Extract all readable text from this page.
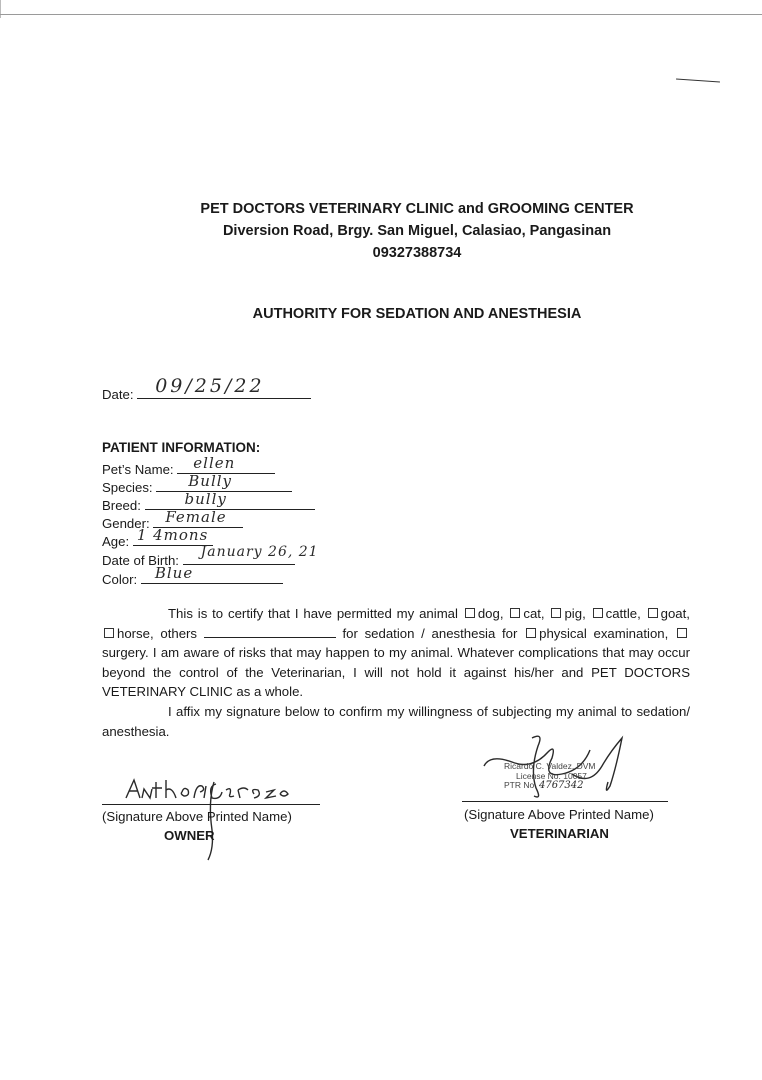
PET DOCTORS VETERINARY CLINIC and GROOMING CENTER
Diversion Road, Brgy. San Miguel, Calasiao, Pangasinan
09327388734
AUTHORITY FOR SEDATION AND ANESTHESIA
Date: 09/25/22
PATIENT INFORMATION:
Pet’s Name: ellen
Species: Bully
Breed:	bully
Gender: Female
Age: 1 4mons
Date of Birth:
January 26, 21
Color: Blue

This is to certify that I have permitted my animal dog, cat, pig, cattle, goat, horse, others	for sedation / anesthesia for physical examination, surgery. I am aware of risks that may happen to my animal. Whatever complications that may occur beyond the control of the Veterinarian, I will not hold it against his/her and PET DOCTORS VETERINARY CLINIC as a whole.

I affix my signature below to confirm my willingness of subjecting my animal to sedation/ anesthesia.

(Signature Above Printed Name)
OWNER
Ricardo C. Valdez, DVM
License No. 10057
PTR No. 4767342
(Signature Above Printed Name)
VETERINARIAN
